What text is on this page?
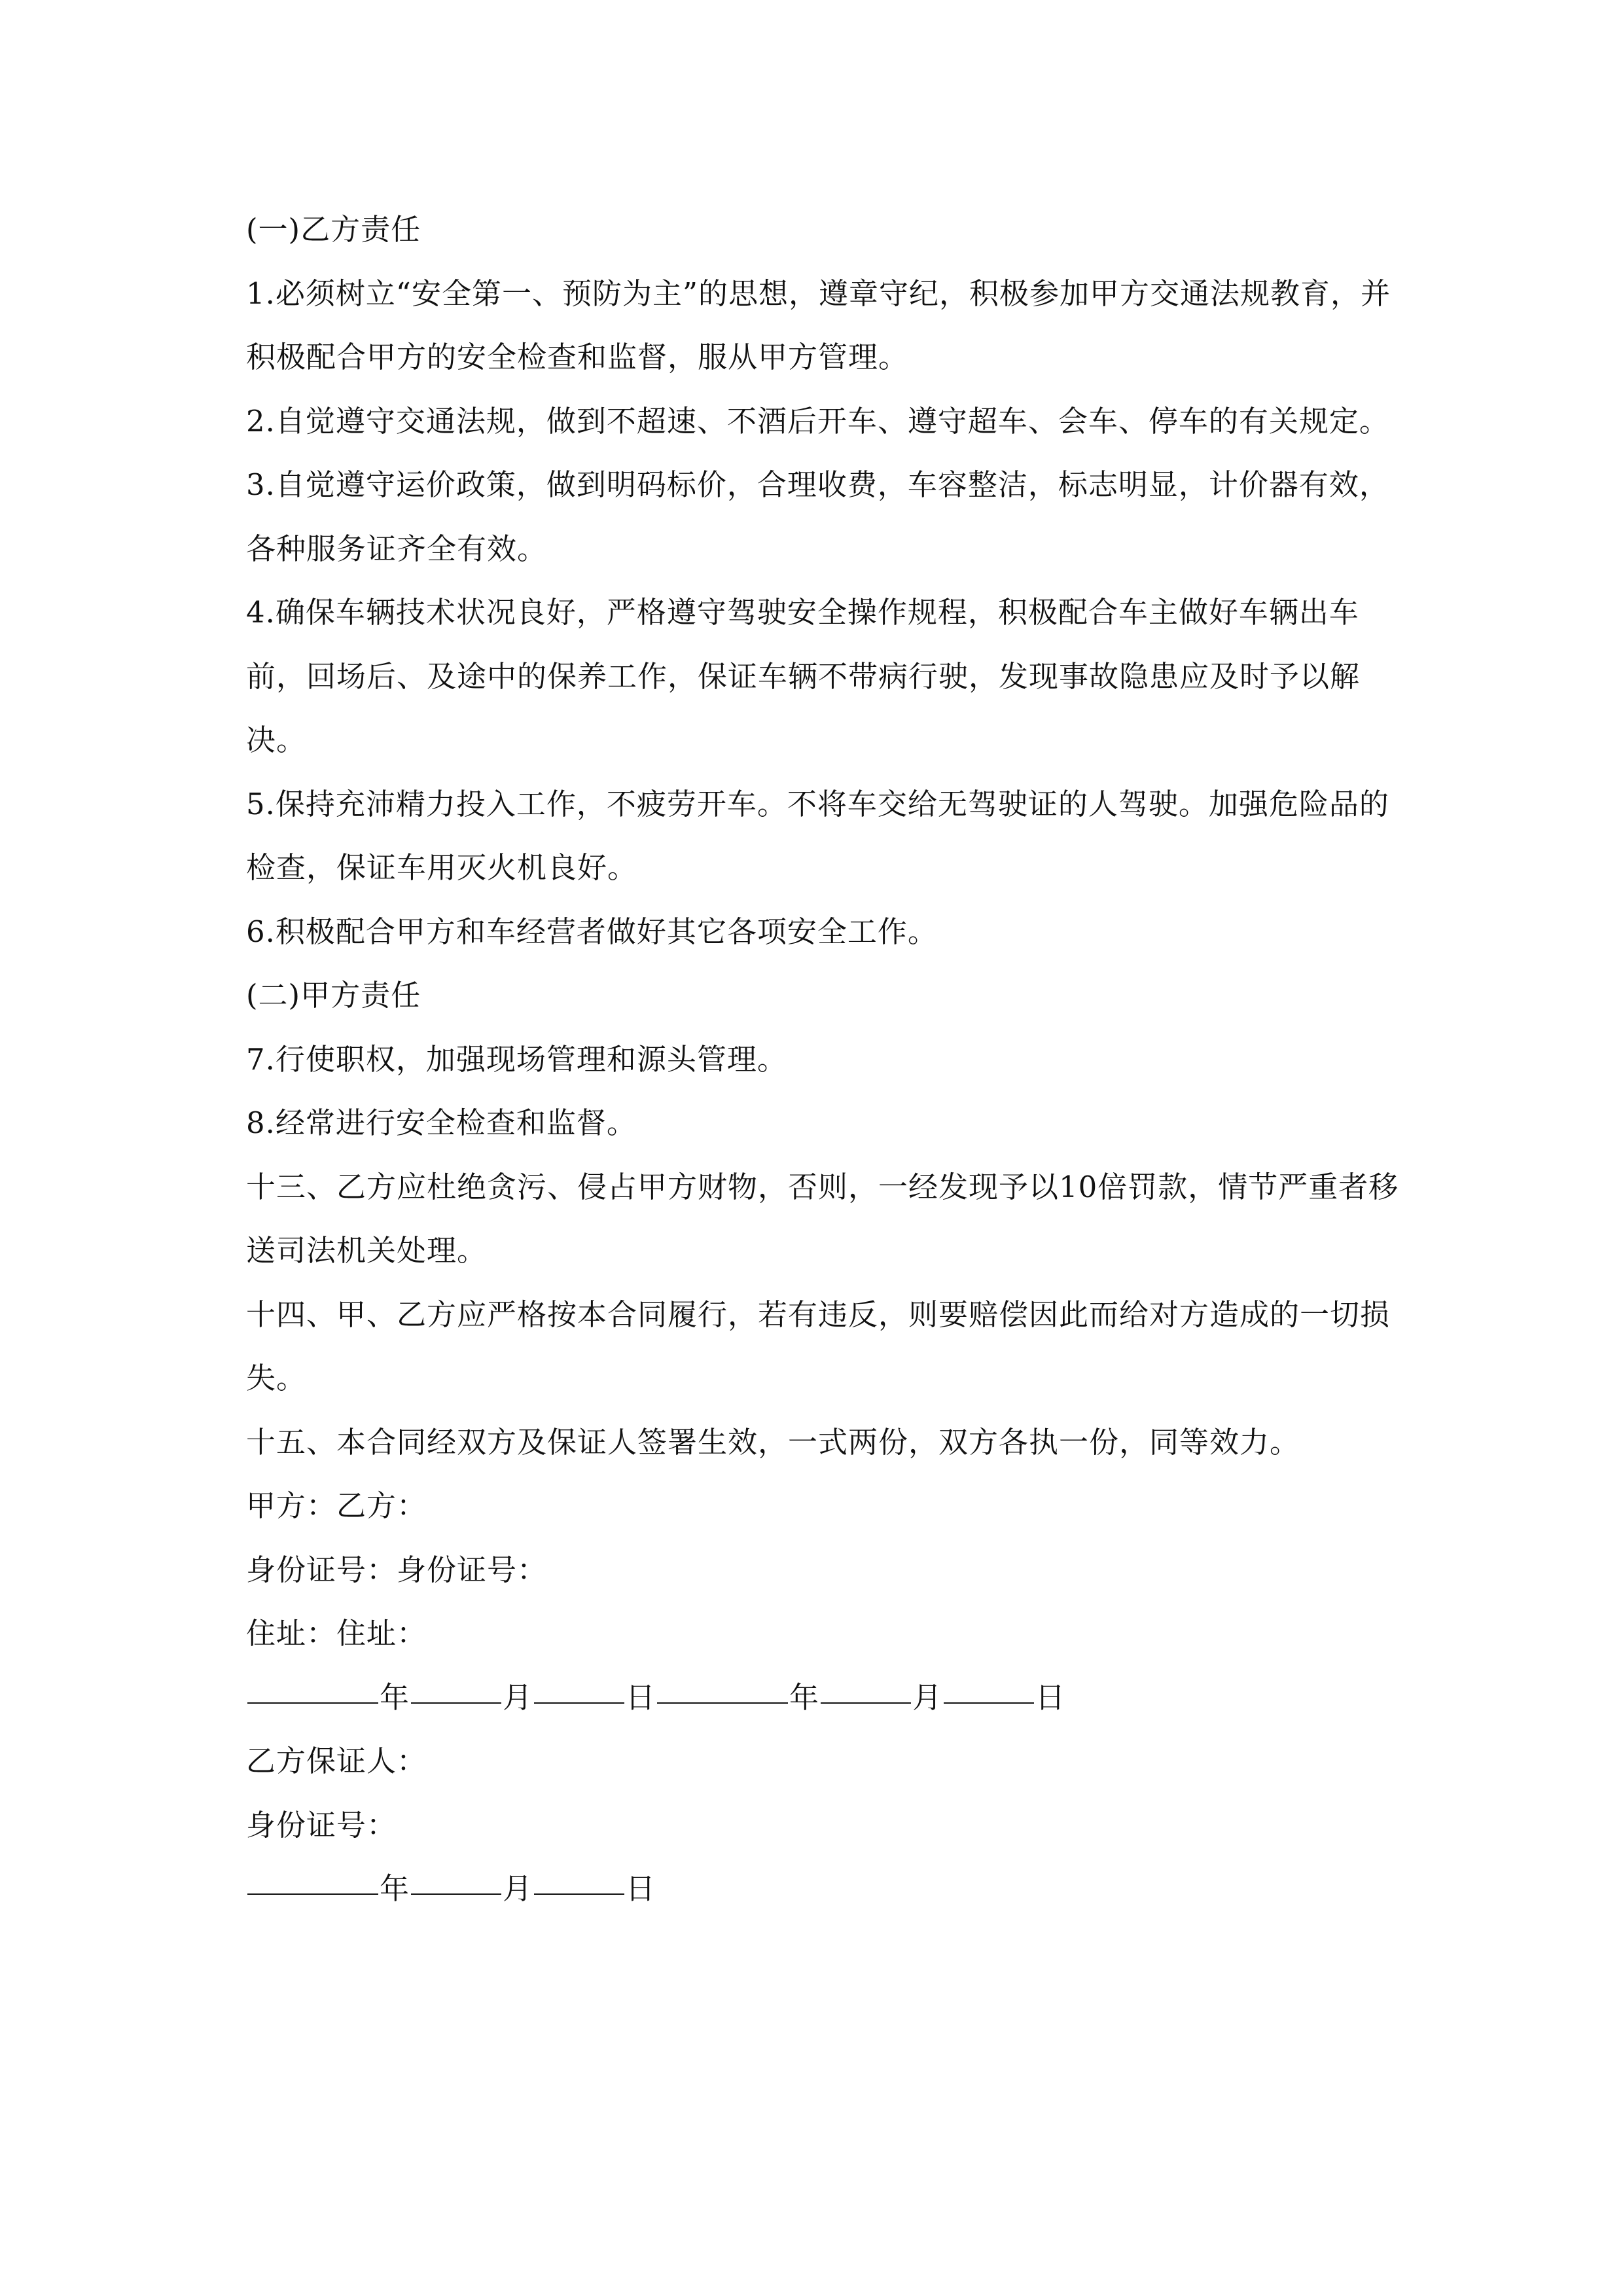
(一)乙方责任

1.必须树立“安全第一、预防为主”的思想，遵章守纪，积极参加甲方交通法规教育，并积极配合甲方的安全检查和监督，服从甲方管理。

2.自觉遵守交通法规，做到不超速、不酒后开车、遵守超车、会车、停车的有关规定。

3.自觉遵守运价政策，做到明码标价，合理收费，车容整洁，标志明显，计价器有效，各种服务证齐全有效。

4.确保车辆技术状况良好，严格遵守驾驶安全操作规程，积极配合车主做好车辆出车前，回场后、及途中的保养工作，保证车辆不带病行驶，发现事故隐患应及时予以解决。

5.保持充沛精力投入工作，不疲劳开车。不将车交给无驾驶证的人驾驶。加强危险品的检查，保证车用灭火机良好。

6.积极配合甲方和车经营者做好其它各项安全工作。

(二)甲方责任

7.行使职权，加强现场管理和源头管理。

8.经常进行安全检查和监督。

十三、乙方应杜绝贪污、侵占甲方财物，否则，一经发现予以10倍罚款，情节严重者移送司法机关处理。

十四、甲、乙方应严格按本合同履行，若有违反，则要赔偿因此而给对方造成的一切损失。

十五、本合同经双方及保证人签署生效，一式两份，双方各执一份，同等效力。

甲方：乙方：

身份证号：身份证号：

住址：住址：

年	月	日	年	月	日

乙方保证人：

身份证号：

年	月	日
